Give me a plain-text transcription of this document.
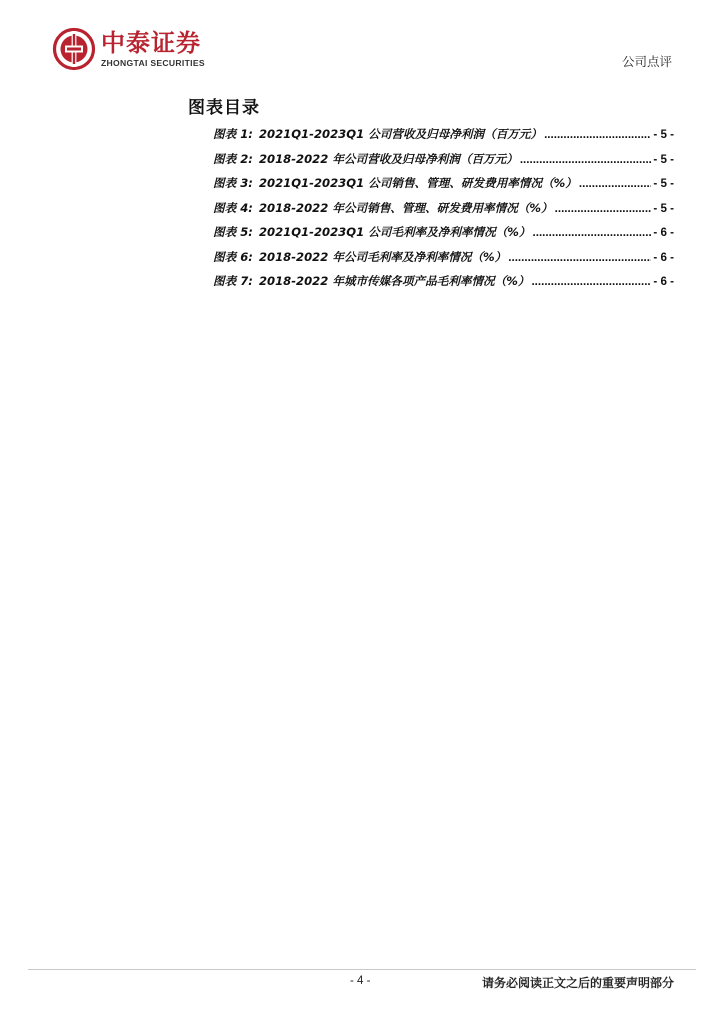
中泰证券
ZHONGTAI SECURITIES	公司点评
图表目录
图表 1: 2021Q1-2023Q1 公司营收及归母净利润（百万元） .....	- 5 -
图表 2: 2018-2022 年公司营收及归母净利润（百万元） .....	- 5 -
图表 3: 2021Q1-2023Q1 公司销售、管理、研发费用率情况（%） .....	- 5 -
图表 4: 2018-2022 年公司销售、管理、研发费用率情况（%） .....	- 5 -
图表 5: 2021Q1-2023Q1 公司毛利率及净利率情况（%） .....	- 6 -
图表 6: 2018-2022 年公司毛利率及净利率情况（%） .....	- 6 -
图表 7: 2018-2022 年城市传媒各项产品毛利率情况（%） .....	- 6 -
- 4 -	请务必阅读正文之后的重要声明部分
